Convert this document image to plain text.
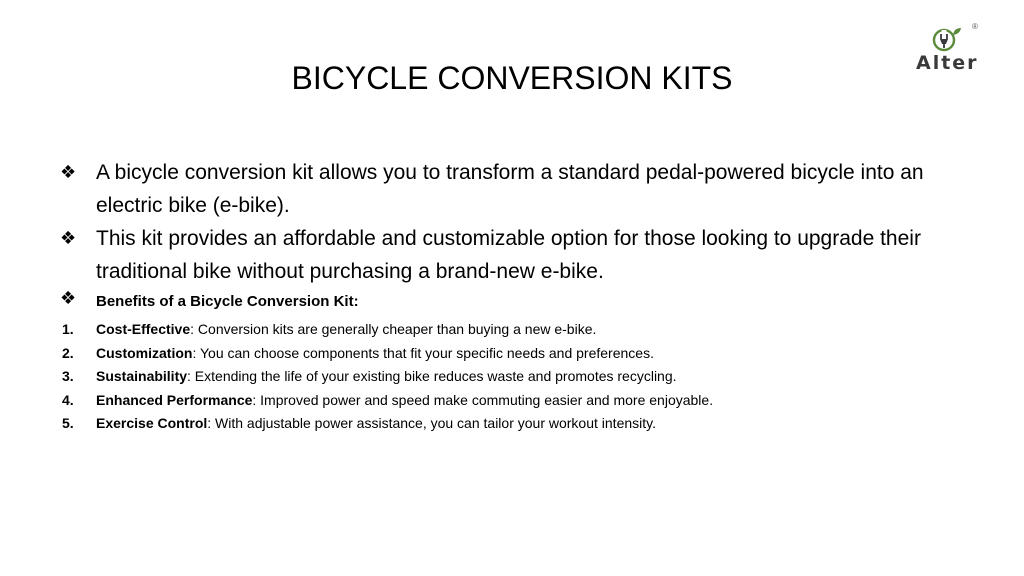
®
Alter
BICYCLE CONVERSION KITS
❖ A bicycle conversion kit allows you to transform a standard pedal-powered bicycle into an electric bike (e-bike).
❖ This kit provides an affordable and customizable option for those looking to upgrade their traditional bike without purchasing a brand-new e-bike.
❖ Benefits of a Bicycle Conversion Kit:
1. Cost-Effective: Conversion kits are generally cheaper than buying a new e-bike.
2. Customization: You can choose components that fit your specific needs and preferences.
3. Sustainability: Extending the life of your existing bike reduces waste and promotes recycling.
4. Enhanced Performance: Improved power and speed make commuting easier and more enjoyable.
5. Exercise Control: With adjustable power assistance, you can tailor your workout intensity.
